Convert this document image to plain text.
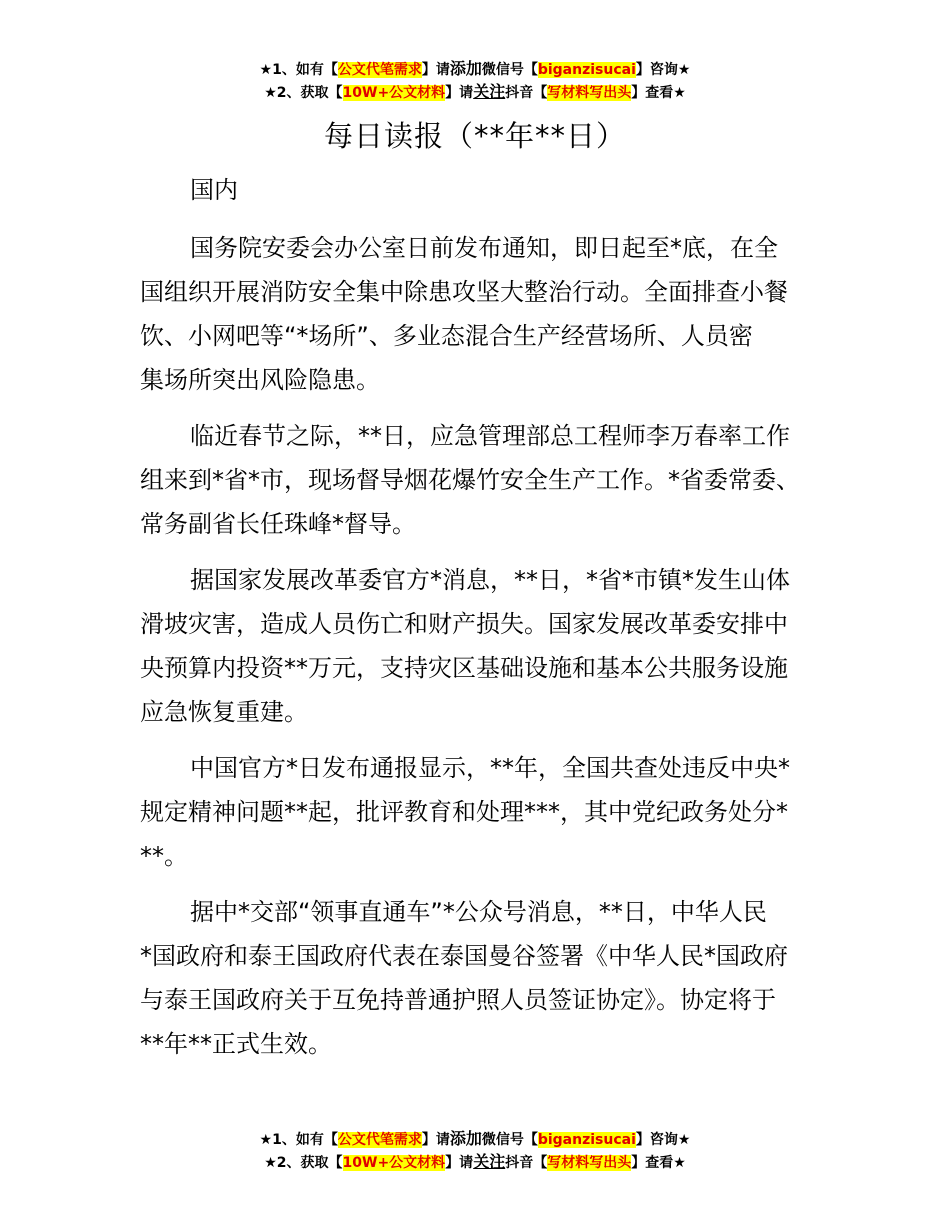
★1、如有【公文代笔需求】请添加微信号【biganzisucai】咨询★
★2、获取【10W+公文材料】请关注抖音【写材料写出头】查看★
每日读报（**年**日）

国内

国务院安委会办公室日前发布通知，即日起至*底，在全
国组织开展消防安全集中除患攻坚大整治行动。全面排查小餐
饮、小网吧等“*场所”、多业态混合生产经营场所、人员密
集场所突出风险隐患。

临近春节之际，**日，应急管理部总工程师李万春率工作
组来到*省*市，现场督导烟花爆竹安全生产工作。*省委常委、
常务副省长任珠峰*督导。

据国家发展改革委官方*消息，**日，*省*市镇*发生山体
滑坡灾害，造成人员伤亡和财产损失。国家发展改革委安排中
央预算内投资**万元，支持灾区基础设施和基本公共服务设施
应急恢复重建。

中国官方*日发布通报显示，**年，全国共查处违反中央*
规定精神问题**起，批评教育和处理***，其中党纪政务处分*
**。

据中*交部“领事直通车”*公众号消息，**日，中华人民
*国政府和泰王国政府代表在泰国曼谷签署《中华人民*国政府
与泰王国政府关于互免持普通护照人员签证协定》。协定将于
**年**正式生效。

★1、如有【公文代笔需求】请添加微信号【biganzisucai】咨询★
★2、获取【10W+公文材料】请关注抖音【写材料写出头】查看★
